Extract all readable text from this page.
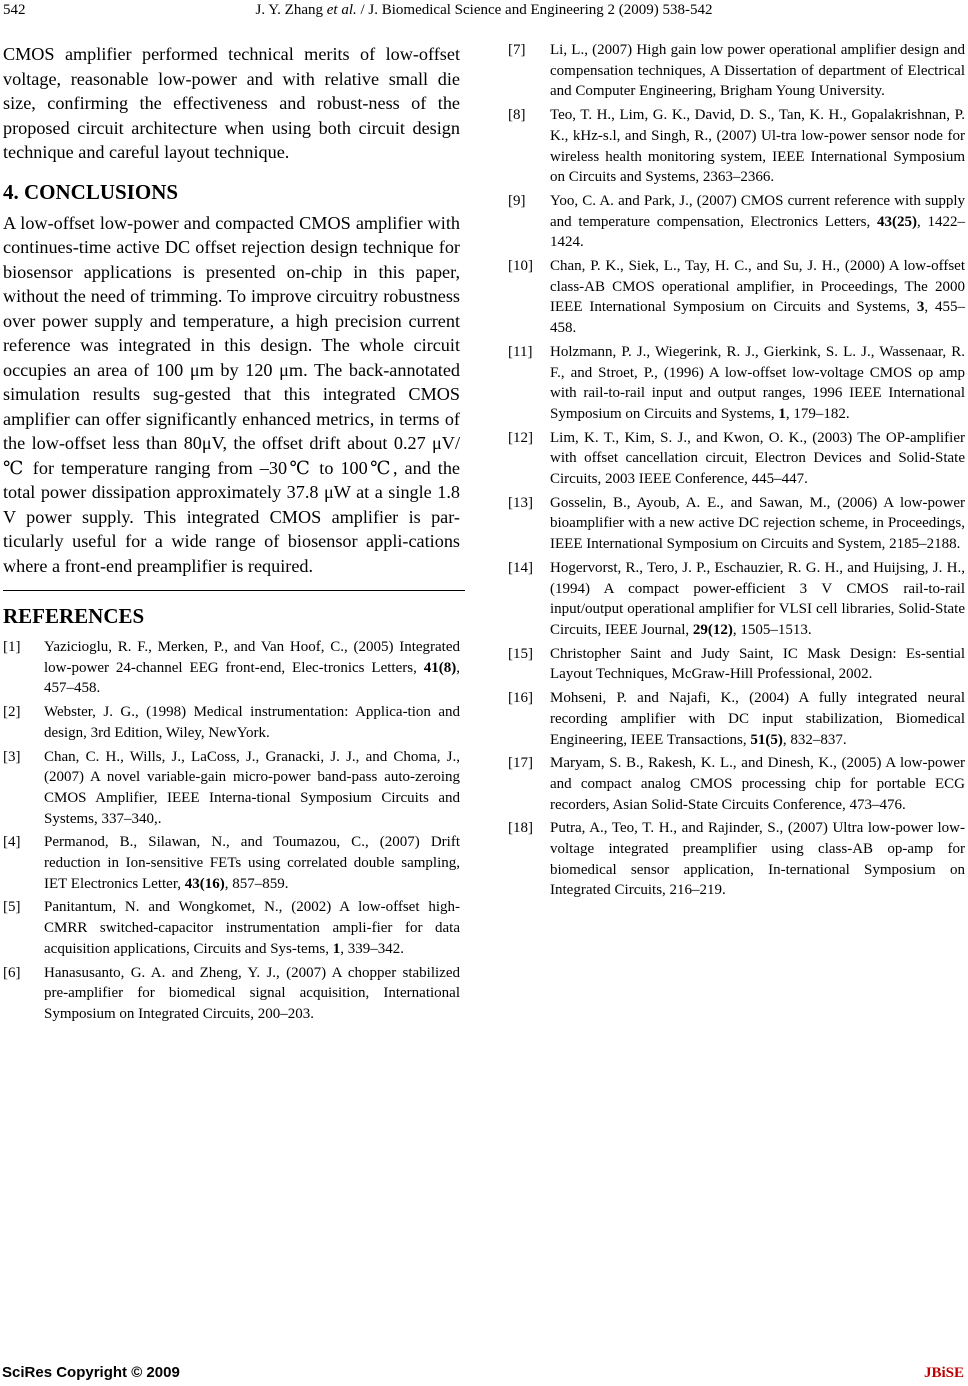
542	J. Y. Zhang et al. / J. Biomedical Science and Engineering 2 (2009) 538-542

CMOS amplifier performed technical merits of low-offset voltage, reasonable low-power and with relative small die size, confirming the effectiveness and robust-ness of the proposed circuit architecture when using both circuit design technique and careful layout technique.

4. CONCLUSIONS

A low-offset low-power and compacted CMOS amplifier with continues-time active DC offset rejection design technique for biosensor applications is presented on-chip in this paper, without the need of trimming. To improve circuitry robustness over power supply and temperature, a high precision current reference was integrated in this design. The whole circuit occupies an area of 100 μm by 120 μm. The back-annotated simulation results sug-gested that this integrated CMOS amplifier can offer significantly enhanced metrics, in terms of the low-offset less than 80μV, the offset drift about 0.27 μV/℃ for temperature ranging from –30℃ to 100℃, and the total power dissipation approximately 37.8 μW at a single 1.8 V power supply. This integrated CMOS amplifier is par-ticularly useful for a wide range of biosensor appli-cations where a front-end preamplifier is required.

REFERENCES
[1] Yazicioglu, R. F., Merken, P., and Van Hoof, C., (2005) Integrated low-power 24-channel EEG front-end, Elec-tronics Letters, 41(8), 457–458.
[2] Webster, J. G., (1998) Medical instrumentation: Applica-tion and design, 3rd Edition, Wiley, NewYork.
[3] Chan, C. H., Wills, J., LaCoss, J., Granacki, J. J., and Choma, J., (2007) A novel variable-gain micro-power band-pass auto-zeroing CMOS Amplifier, IEEE Interna-tional Symposium Circuits and Systems, 337–340,.
[4] Permanod, B., Silawan, N., and Toumazou, C., (2007) Drift reduction in Ion-sensitive FETs using correlated double sampling, IET Electronics Letter, 43(16), 857–859.
[5] Panitantum, N. and Wongkomet, N., (2002) A low-offset high-CMRR switched-capacitor instrumentation ampli-fier for data acquisition applications, Circuits and Sys-tems, 1, 339–342.
[6] Hanasusanto, G. A. and Zheng, Y. J., (2007) A chopper stabilized pre-amplifier for biomedical signal acquisition, International Symposium on Integrated Circuits, 200–203.
[7] Li, L., (2007) High gain low power operational amplifier design and compensation techniques, A Dissertation of department of Electrical and Computer Engineering, Brigham Young University.
[8] Teo, T. H., Lim, G. K., David, D. S., Tan, K. H., Gopalakrishnan, P. K., kHz-s.l, and Singh, R., (2007) Ul-tra low-power sensor node for wireless health monitoring system, IEEE International Symposium on Circuits and Systems, 2363–2366.
[9] Yoo, C. A. and Park, J., (2007) CMOS current reference with supply and temperature compensation, Electronics Letters, 43(25), 1422–1424.
[10] Chan, P. K., Siek, L., Tay, H. C., and Su, J. H., (2000) A low-offset class-AB CMOS operational amplifier, in Proceedings, The 2000 IEEE International Symposium on Circuits and Systems, 3, 455–458.
[11] Holzmann, P. J., Wiegerink, R. J., Gierkink, S. L. J., Wassenaar, R. F., and Stroet, P., (1996) A low-offset low-voltage CMOS op amp with rail-to-rail input and output ranges, 1996 IEEE International Symposium on Circuits and Systems, 1, 179–182.
[12] Lim, K. T., Kim, S. J., and Kwon, O. K., (2003) The OP-amplifier with offset cancellation circuit, Electron Devices and Solid-State Circuits, 2003 IEEE Conference, 445–447.
[13] Gosselin, B., Ayoub, A. E., and Sawan, M., (2006) A low-power bioamplifier with a new active DC rejection scheme, in Proceedings, IEEE International Symposium on Circuits and System, 2185–2188.
[14] Hogervorst, R., Tero, J. P., Eschauzier, R. G. H., and Huijsing, J. H., (1994) A compact power-efficient 3 V CMOS rail-to-rail input/output operational amplifier for VLSI cell libraries, Solid-State Circuits, IEEE Journal, 29(12), 1505–1513.
[15] Christopher Saint and Judy Saint, IC Mask Design: Es-sential Layout Techniques, McGraw-Hill Professional, 2002.
[16] Mohseni, P. and Najafi, K., (2004) A fully integrated neural recording amplifier with DC input stabilization, Biomedical Engineering, IEEE Transactions, 51(5), 832–837.
[17] Maryam, S. B., Rakesh, K. L., and Dinesh, K., (2005) A low-power and compact analog CMOS processing chip for portable ECG recorders, Asian Solid-State Circuits Conference, 473–476.
[18] Putra, A., Teo, T. H., and Rajinder, S., (2007) Ultra low-power low-voltage integrated preamplifier using class-AB op-amp for biomedical sensor application, In-ternational Symposium on Integrated Circuits, 216–219.
SciRes Copyright © 2009	JBiSE
